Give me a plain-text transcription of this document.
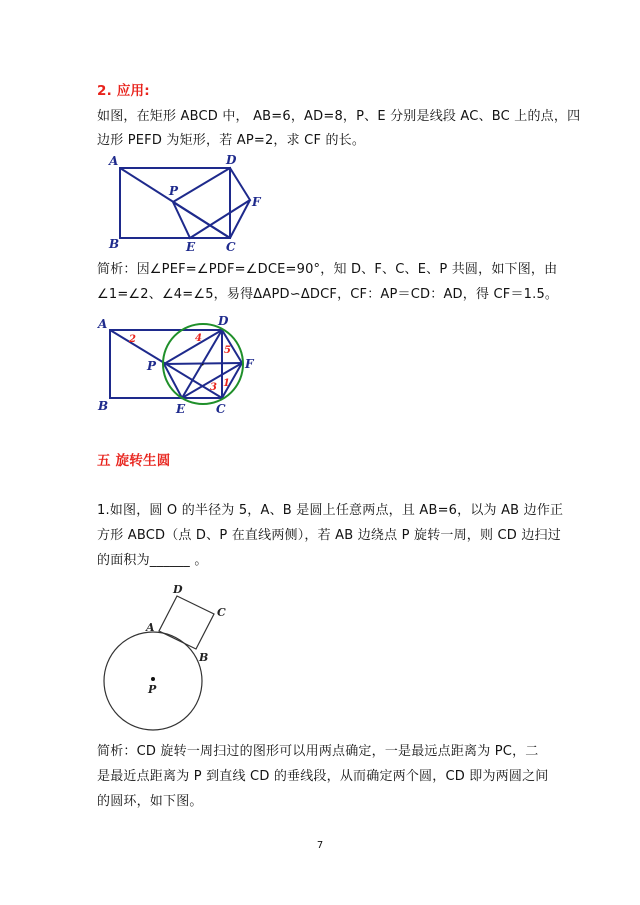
2. 应用:
如图，在矩形 ABCD 中， AB=6，AD=8，P、E 分别是线段 AC、BC 上的点，四
边形 PEFD 为矩形，若 AP=2，求 CF 的长。
A	D
P
F
B	E	C
简析：因∠PEF=∠PDF=∠DCE=90°，知 D、F、C、E、P 共圆，如下图，由
∠1=∠2、∠4=∠5，易得ΔAPD∽ΔDCF，CF：AP＝CD：AD，得 CF＝1.5。
·
A	D
P	F
B	E	C
2	4
5
3 1
五 旋转生圆
1.如图，圆 O 的半径为 5，A、B 是圆上任意两点，且 AB=6，以为 AB 边作正
方形 ABCD（点 D、P 在直线两侧），若 AB 边绕点 P 旋转一周，则 CD 边扫过
的面积为______ 。
D
C
A
B
P
简析：CD 旋转一周扫过的图形可以用两点确定，一是最远点距离为 PC，二
是最近点距离为 P 到直线 CD 的垂线段，从而确定两个圆，CD 即为两圆之间
的圆环，如下图。
7
